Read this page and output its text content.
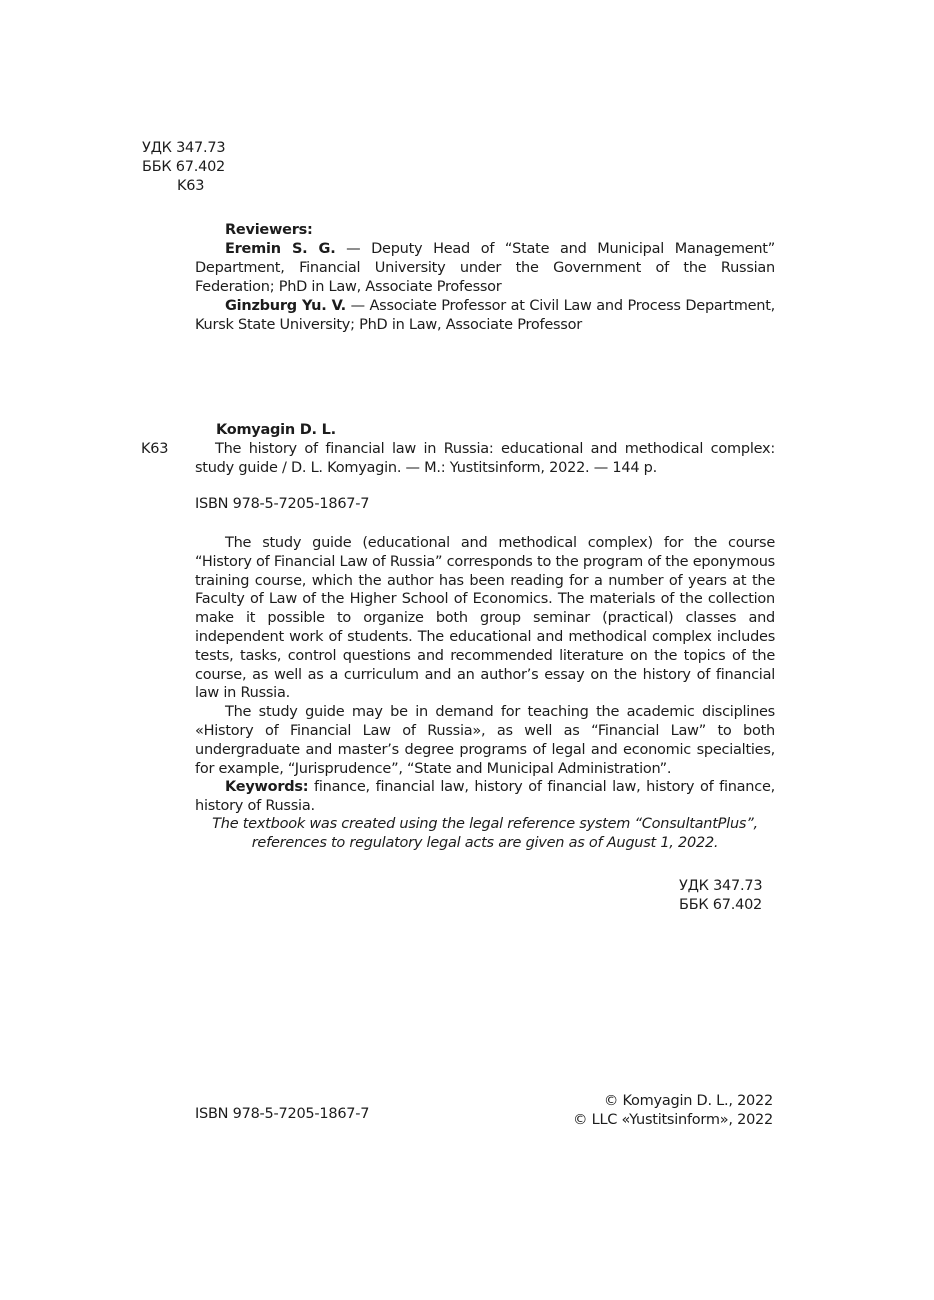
УДК 347.73
ББК 67.402
K63
Reviewers:
Eremin S. G. — Deputy Head of “State and Municipal Management” Department, Financial University under the Government of the Russian Federation; PhD in Law, Associate Professor
Ginzburg Yu. V. — Associate Professor at Civil Law and Process Department, Kursk State University; PhD in Law, Associate Professor
Komyagin D. L.
K63	The history of financial law in Russia: educational and methodical complex: study guide / D. L. Komyagin. — M.: Yustitsinform, 2022. — 144 p.
ISBN 978-5-7205-1867-7
The study guide (educational and methodical complex) for the course “History of Financial Law of Russia” corresponds to the program of the eponymous training course, which the author has been reading for a number of years at the Faculty of Law of the Higher School of Economics. The materials of the collection make it possible to organize both group seminar (practical) classes and independent work of students. The educational and methodical complex includes tests, tasks, control questions and recommended literature on the topics of the course, as well as a curriculum and an author’s essay on the history of financial law in Russia.
The study guide may be in demand for teaching the academic disciplines «History of Financial Law of Russia», as well as “Financial Law” to both undergraduate and master’s degree programs of legal and economic specialties, for example, “Jurisprudence”, “State and Municipal Administration”.
Keywords: finance, financial law, history of financial law, history of finance, history of Russia.
The textbook was created using the legal reference system “ConsultantPlus”,
references to regulatory legal acts are given as of August 1, 2022.
УДК 347.73
ББК 67.402
ISBN 978-5-7205-1867-7
© Komyagin D. L., 2022
© LLC «Yustitsinform», 2022
